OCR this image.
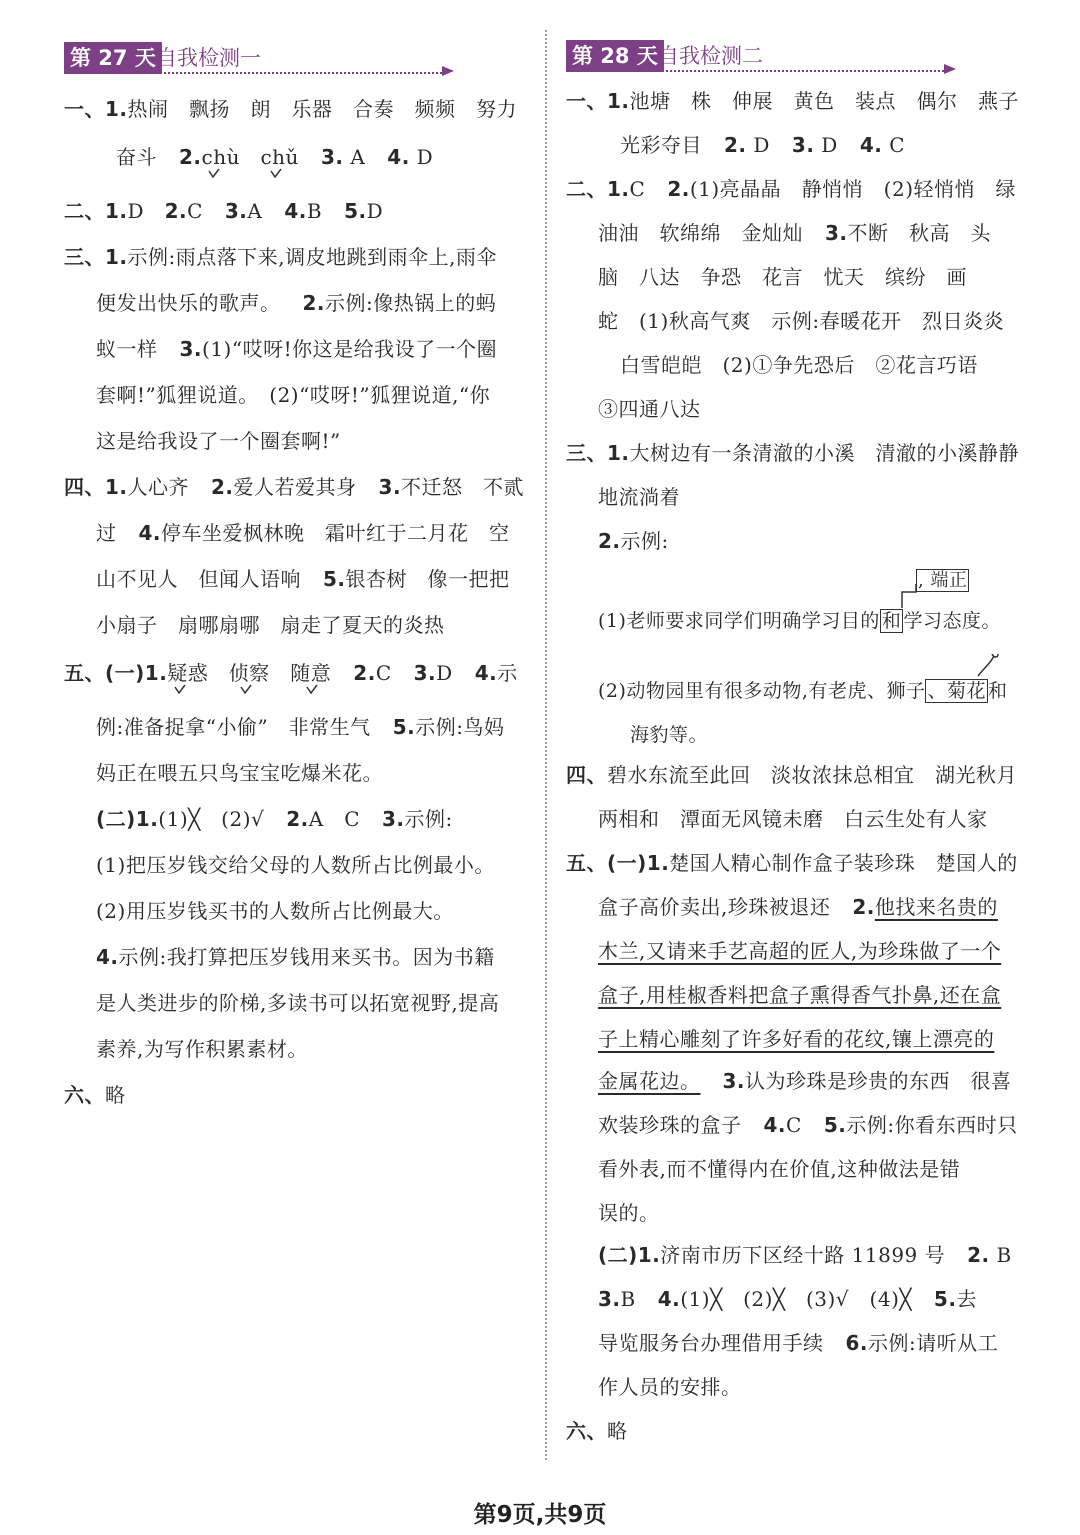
第 27 天 自我检测一
一、1.热闹　飘扬　朗　乐器　合奏　频频　努力
奋斗 2.chù　chǔ 3. A 4. D
二、1.D　2.C 3.A 4.B 5.D
三、1.示例:雨点落下来,调皮地跳到雨伞上,雨伞
便发出快乐的歌声。 2.示例:像热锅上的蚂
蚁一样 3.(1)“哎呀!你这是给我设了一个圈
套啊!”狐狸说道。　(2)“哎呀!”狐狸说道,“你
这是给我设了一个圈套啊!”
四、1.人心齐 2.爱人若爱其身 3.不迁怒　不贰
过 4.停车坐爱枫林晚　霜叶红于二月花　空
山不见人　但闻人语响 5.银杏树　像一把把
小扇子　扇哪扇哪　扇走了夏天的炎热
五、(一)1.疑惑　侦察　随意 2.C 3.D 4.示
例:准备捉拿“小偷”　非常生气 5.示例:鸟妈
妈正在喂五只鸟宝宝吃爆米花。
(二)1.(1)╳　(2)√ 2.A　C 3.示例:
(1)把压岁钱交给父母的人数所占比例最小。
(2)用压岁钱买书的人数所占比例最大。
4.示例:我打算把压岁钱用来买书。因为书籍
是人类进步的阶梯,多读书可以拓宽视野,提高
素养,为写作积累素材。
六、略
第 28 天 自我检测二
一、1.池塘　株　伸展　黄色　装点　偶尔　燕子
光彩夺目 2. D 3. D 4. C
二、1.C 2.(1)亮晶晶　静悄悄　(2)轻悄悄　绿
油油　软绵绵　金灿灿 3.不断　秋高　头
脑　八达　争恐　花言　忧天　缤纷　画
蛇　(1)秋高气爽　示例:春暖花开　烈日炎炎
白雪皑皑　(2)①争先恐后　②花言巧语
③四通八达
三、1.大树边有一条清澈的小溪　清澈的小溪静静
地流淌着
2.示例:
, 端正
(1)老师要求同学们明确学习目的 和 学习态度。
(2)动物园里有很多动物,有老虎、狮子 、菊花 和
海豹等。
四、碧水东流至此回　淡妆浓抹总相宜　湖光秋月
两相和　潭面无风镜未磨　白云生处有人家
五、(一)1.楚国人精心制作盒子装珍珠　楚国人的
盒子高价卖出,珍珠被退还 2.他找来名贵的
木兰,又请来手艺高超的匠人,为珍珠做了一个
盒子,用桂椒香料把盒子熏得香气扑鼻,还在盒
子上精心雕刻了许多好看的花纹,镶上漂亮的
金属花边。 3.认为珍珠是珍贵的东西　很喜
欢装珍珠的盒子 4.C 5.示例:你看东西时只
看外表,而不懂得内在价值,这种做法是错
误的。
(二)1.济南市历下区经十路 11899 号 2. B
3.B 4.(1)╳　(2)╳　(3)√　(4)╳ 5.去
导览服务台办理借用手续 6.示例:请听从工
作人员的安排。
六、略
第9页,共9页
